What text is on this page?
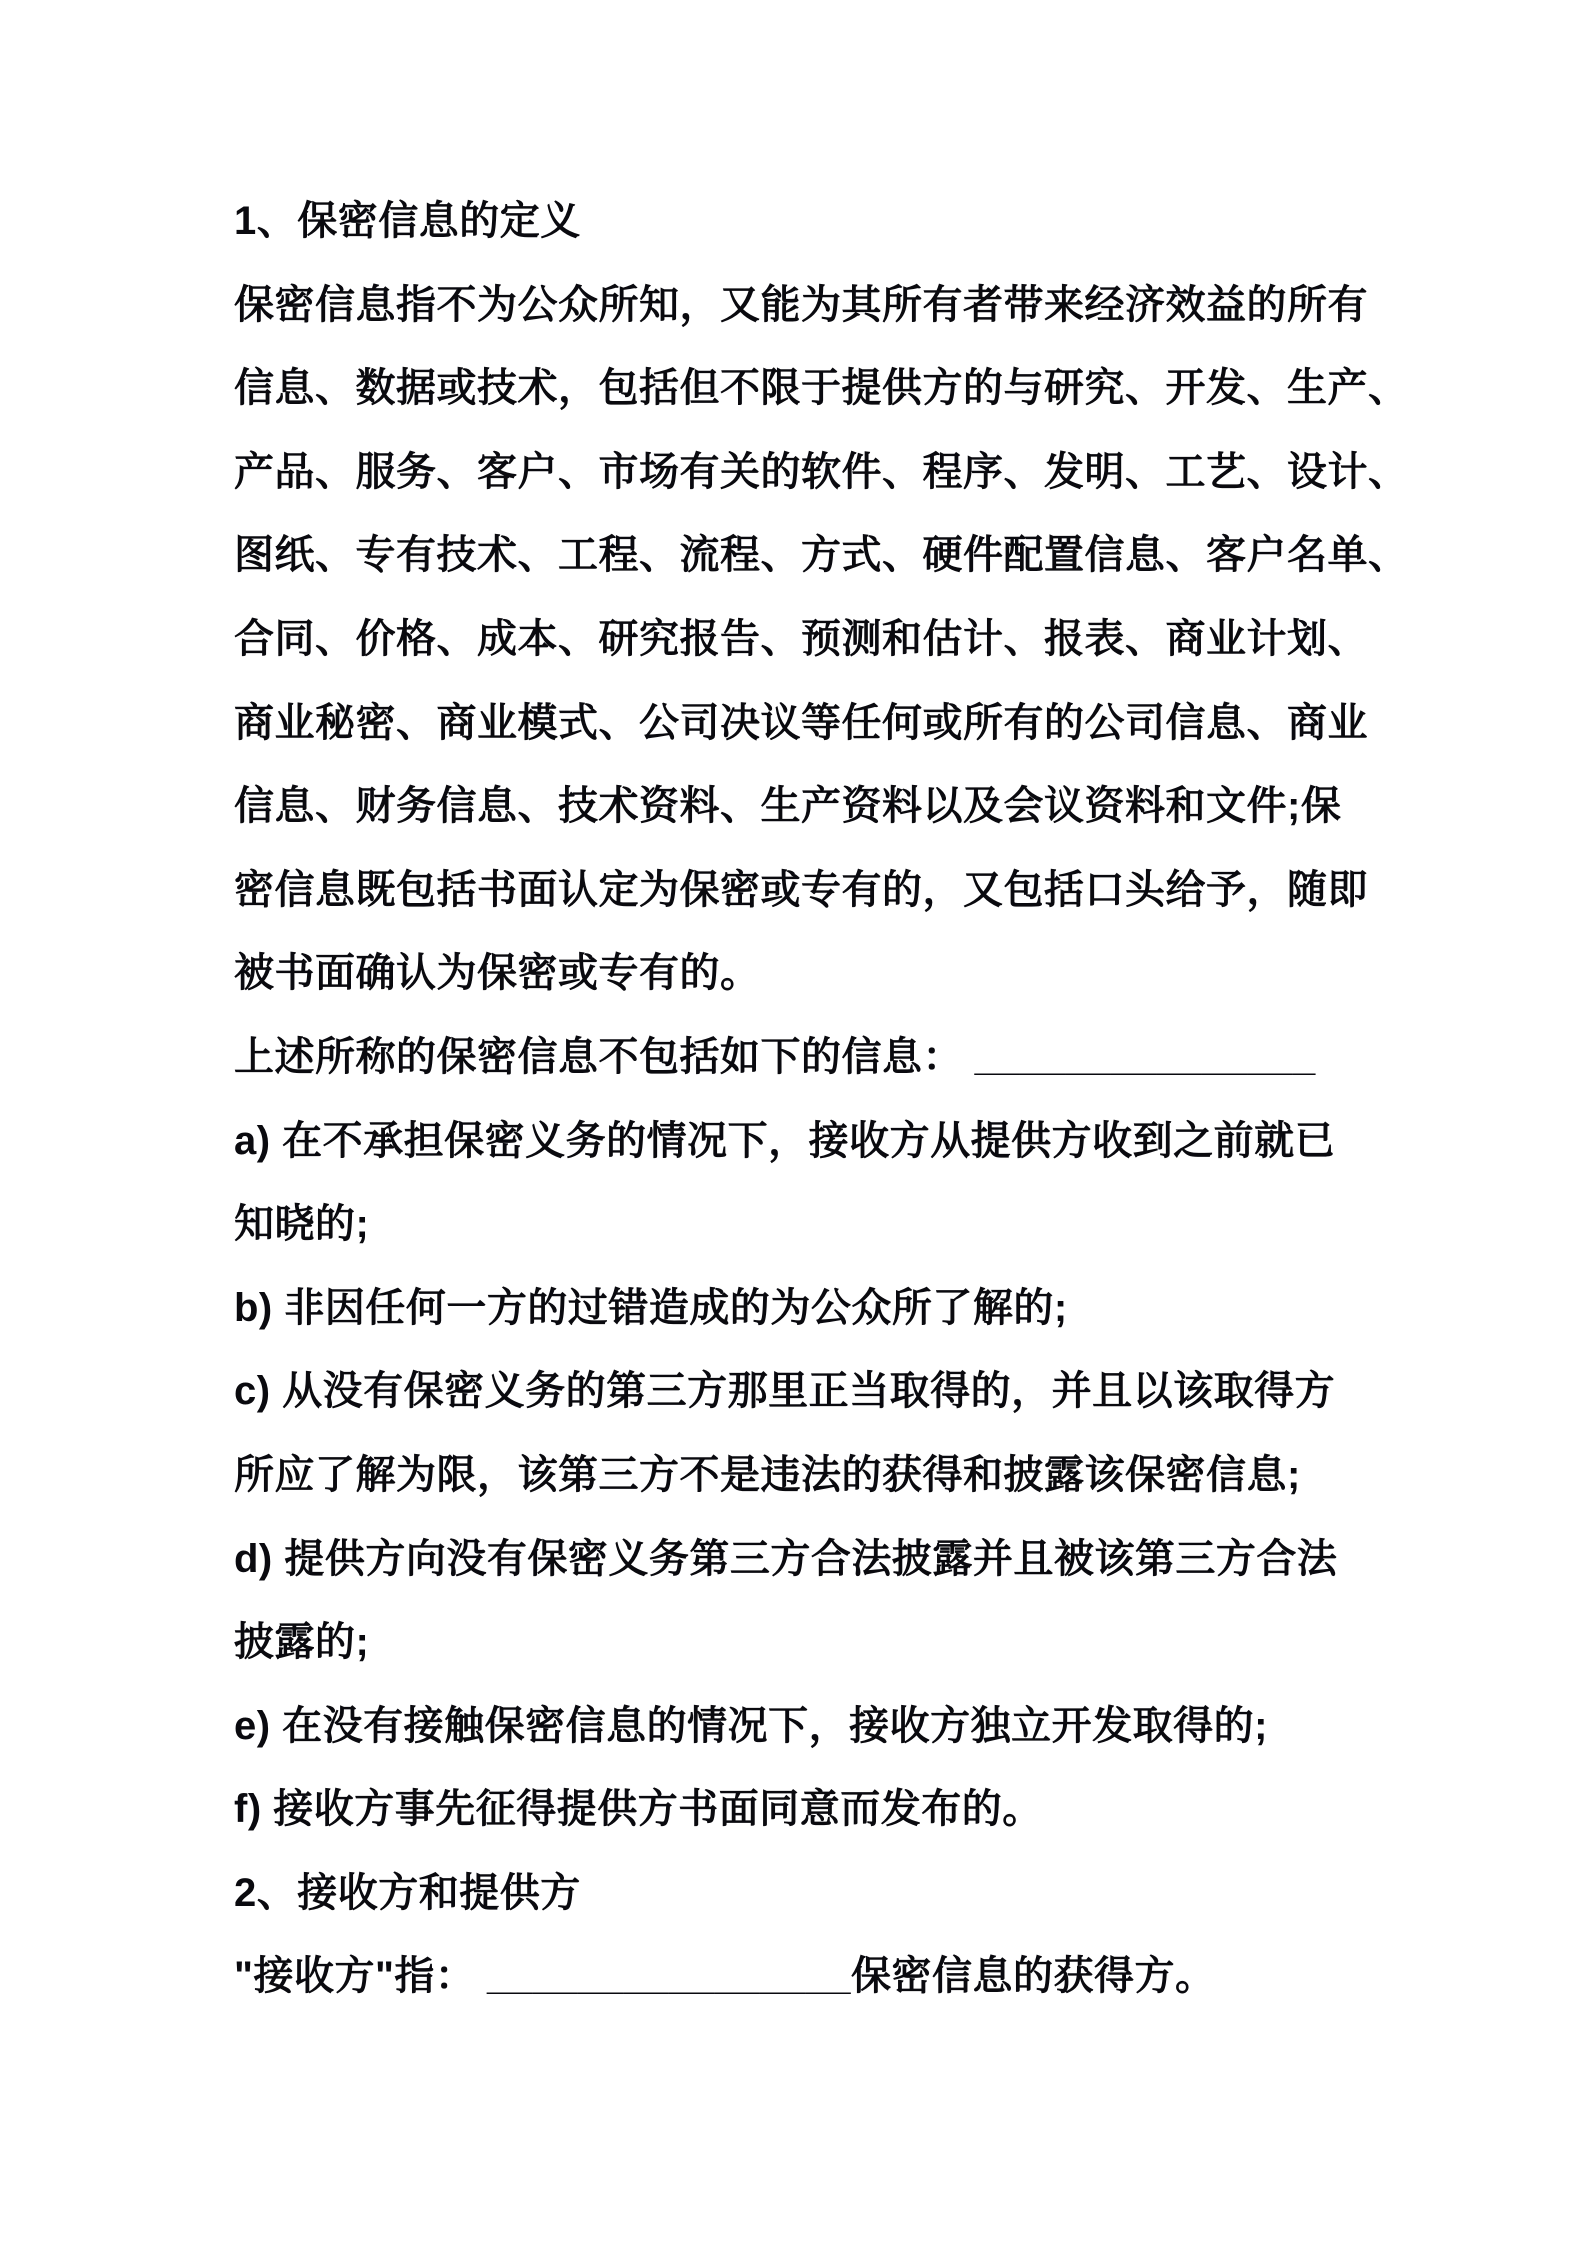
1、保密信息的定义
保密信息指不为公众所知，又能为其所有者带来经济效益的所有
信息、数据或技术，包括但不限于提供方的与研究、开发、生产、
产品、服务、客户、市场有关的软件、程序、发明、工艺、设计、
图纸、专有技术、工程、流程、方式、硬件配置信息、客户名单、
合同、价格、成本、研究报告、预测和估计、报表、商业计划、
商业秘密、商业模式、公司决议等任何或所有的公司信息、商业
信息、财务信息、技术资料、生产资料以及会议资料和文件;保
密信息既包括书面认定为保密或专有的，又包括口头给予，随即
被书面确认为保密或专有的。
上述所称的保密信息不包括如下的信息： _______________
a) 在不承担保密义务的情况下，接收方从提供方收到之前就已
知晓的;
b) 非因任何一方的过错造成的为公众所了解的;
c) 从没有保密义务的第三方那里正当取得的，并且以该取得方
所应了解为限，该第三方不是违法的获得和披露该保密信息;
d) 提供方向没有保密义务第三方合法披露并且被该第三方合法
披露的;
e) 在没有接触保密信息的情况下，接收方独立开发取得的;
f) 接收方事先征得提供方书面同意而发布的。
2、接收方和提供方
"接收方"指： ________________保密信息的获得方。
